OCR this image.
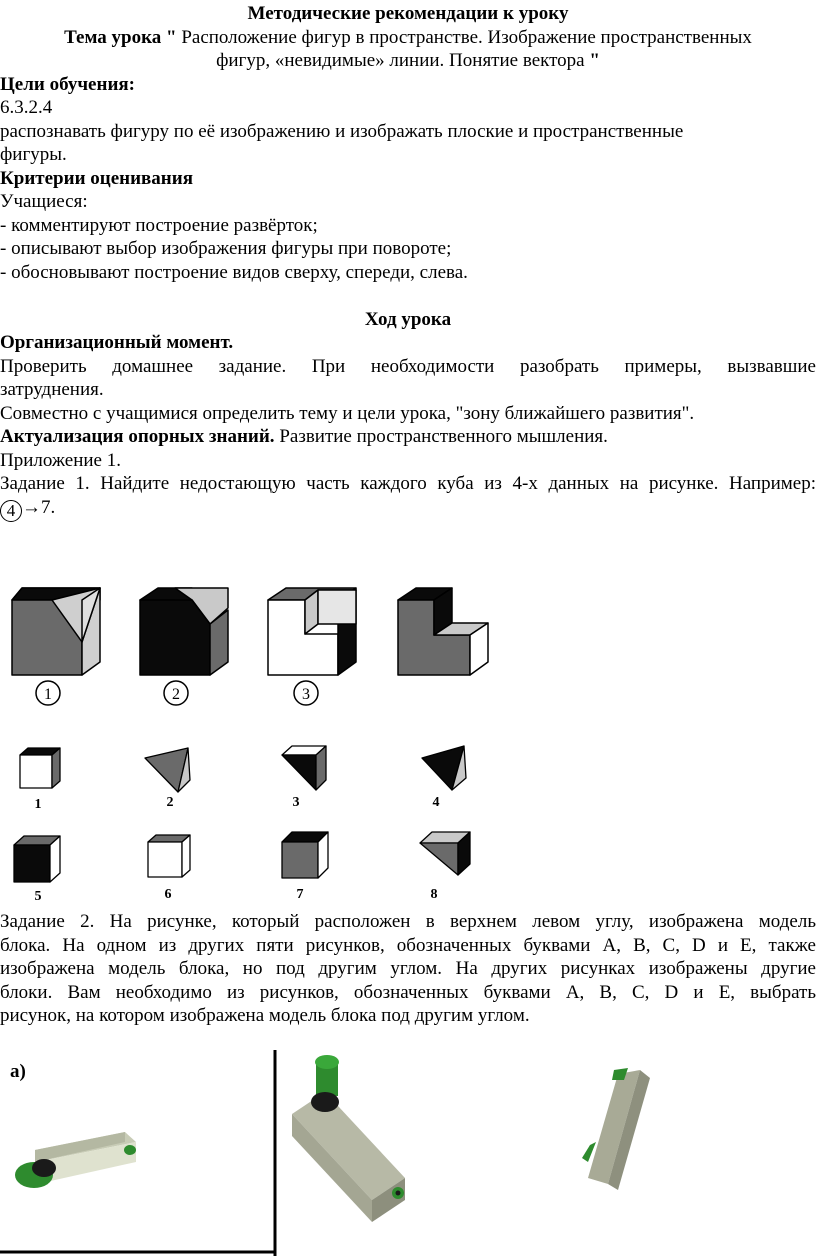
Методические рекомендации к уроку
Тема урока " Расположение фигур в пространстве. Изображение пространственных
фигур, «невидимые» линии. Понятие вектора "
Цели обучения:
6.3.2.4
распознавать фигуру по её изображению и изображать плоские и пространственные
фигуры.
Критерии оценивания
Учащиеся:
- комментируют построение развёрток;
- описывают выбор изображения фигуры при повороте;
- обосновывают построение видов сверху, спереди, слева.
Ход урока
Организационный момент.
Проверить домашнее задание. При необходимости разобрать примеры, вызвавшие
затруднения.
Совместно с учащимися определить тему и цели урока, "зону ближайшего развития".
Актуализация опорных знаний. Развитие пространственного мышления.
Приложение 1.
Задание 1. Найдите недостающую часть каждого куба из 4-х данных на рисунке. Например:
4 →7.
1	2	3
1	2	3	4
5	6	7	8
Задание 2. На рисунке, который расположен в верхнем левом углу, изображена модель
блока. На одном из других пяти рисунков, обозначенных буквами A, B, C, D и E, также
изображена модель блока, но под другим углом. На других рисунках изображены другие
блоки. Вам необходимо из рисунков, обозначенных буквами A, B, C, D и E, выбрать
рисунок, на котором изображена модель блока под другим углом.
а)
